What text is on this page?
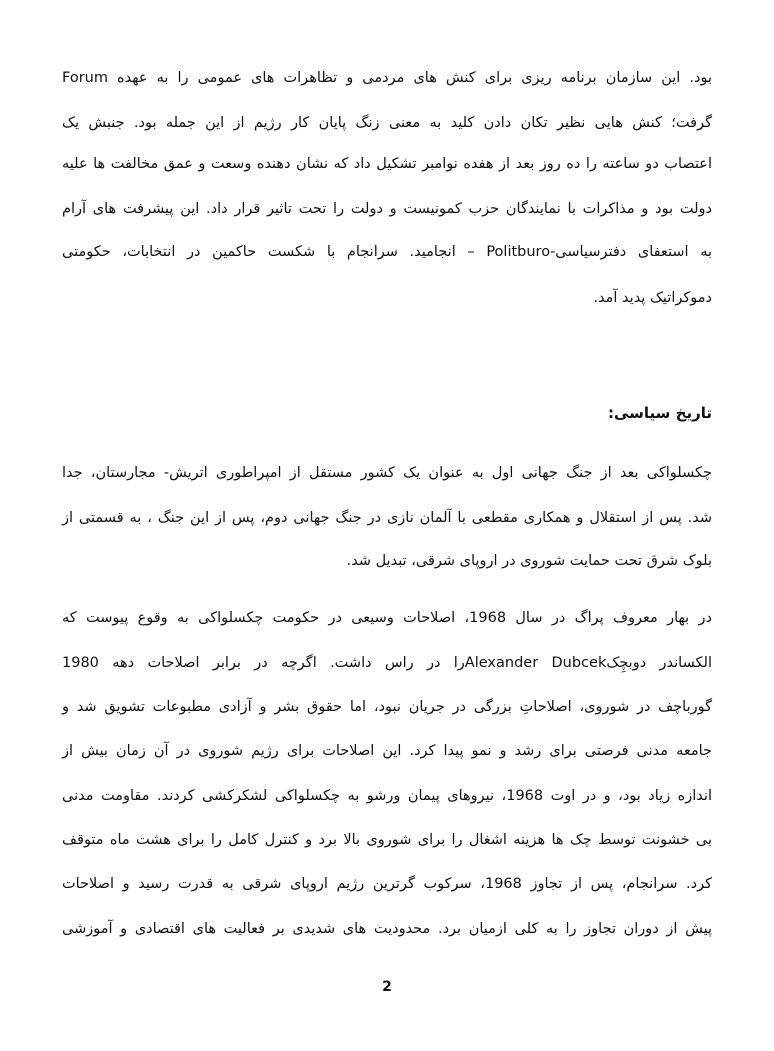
Forum بود. این سازمان برنامه ریزی برای کنش های مردمی و تظاهرات های عمومی را به عهده
گرفت؛ کنش هایی نظیر تکان دادن کلید به معنی زنگ پایان کار رژیم از این جمله بود. جنبش یک
اعتصاب دو ساعته را ده روز بعد از هفده نوامبر تشکیل داد که نشان دهنده وسعت و عمق مخالفت ها علیه
دولت بود و مذاکرات با نمایندگان حزب کمونیست و دولت را تحت تاثیر قرار داد. این پیشرفت های آرام
به استعفای دفترسیاسی-Politburo – انجامید. سرانجام با شکست حاکمین در انتخابات، حکومتی
دموکراتیک پدید آمد.
تاریخ سیاسی:
چکسلواکی بعد از جنگ جهانی اول به عنوان یک کشور مستقل از امپراطوری اتریش- مجارستان، جدا
شد. پس از استقلال و همکاری مقطعی با آلمان نازی در جنگ جهانی دوم، پس از این جنگ ، به قسمتی از
بلوک شرق تحت حمایت شوروی در اروپای شرقی، تبدیل شد.
در بهار معروف پراگ در سال 1968، اصلاحات وسیعی در حکومت چکسلواکی به وقوع پیوست که
الکساندر دوبچِکAlexander Dubcekرا در راس داشت. اگرچه در برابر اصلاحات دهه 1980
گورباچف در شوروی، اصلاحاتِ بزرگی در جریان نبود، اما حقوق بشر و آزادی مطبوعات تشویق شد و
جامعه مدنی فرصتی برای رشد و نمو پیدا کرد. این اصلاحات برای رژیم شوروی در آن زمان بیش از
اندازه زیاد بود، و در اوت 1968، نیروهای پیمان ورشو به چکسلواکی لشکرکشی کردند. مقاومت مدنی
بی خشونت توسط چک ها هزینه اشغال را برای شوروی بالا برد و کنترل کامل را برای هشت ماه متوقف
کرد. سرانجام، پس از تجاوز 1968، سرکوب گرترین رژیم اروپای شرقی به قدرت رسید و اصلاحات
پیش از دوران تجاوز را به کلی ازمیان برد. محدودیت های شدیدی بر فعالیت های اقتصادی و آموزشی
2
